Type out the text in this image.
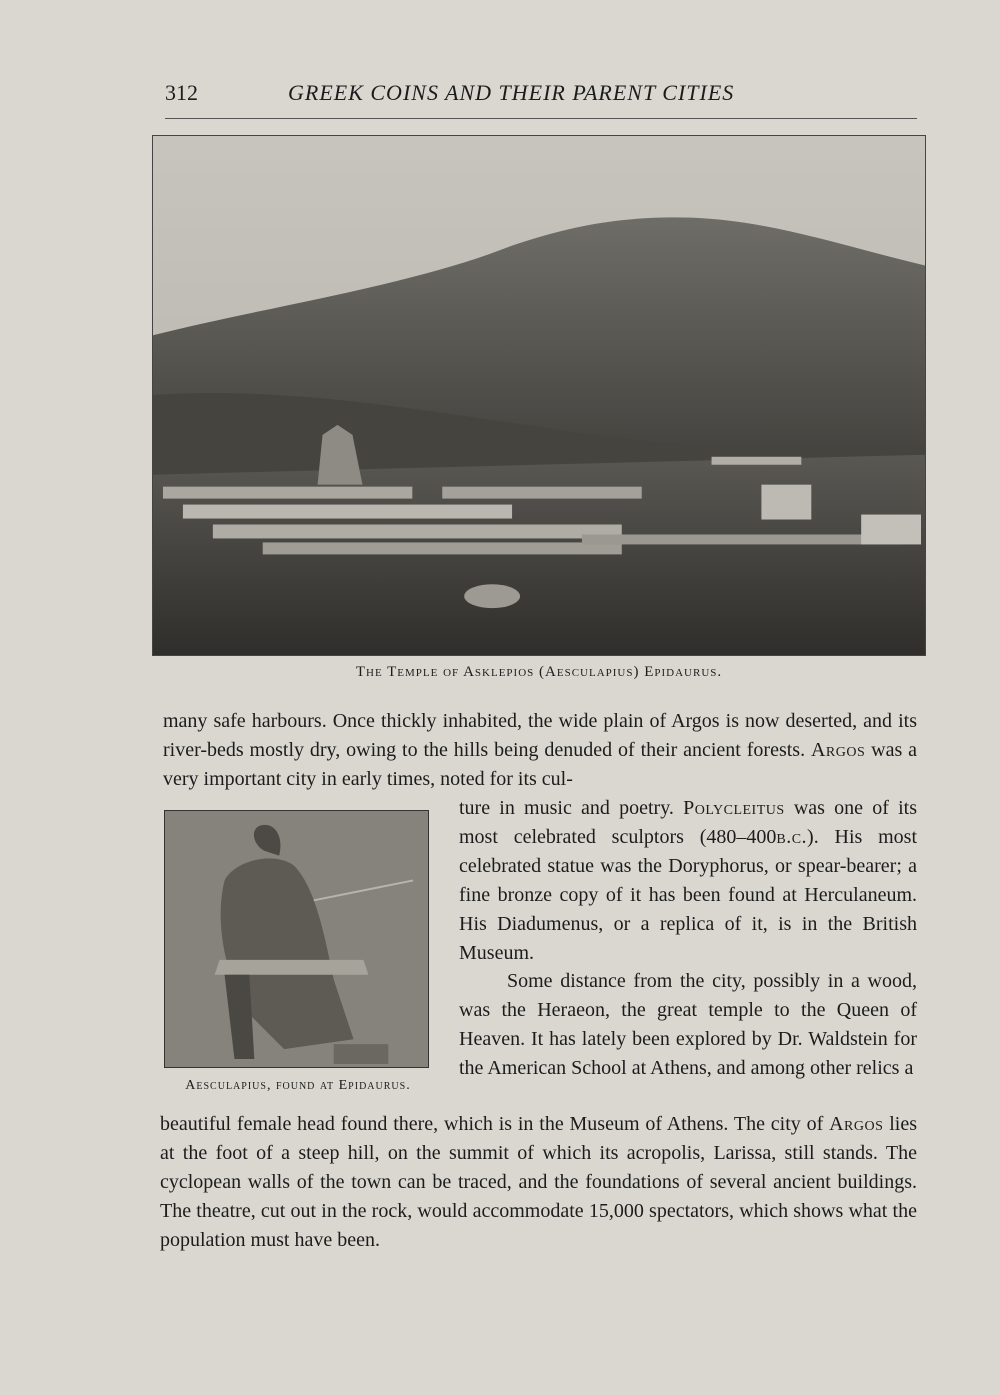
312	GREEK COINS AND THEIR PARENT CITIES
The Temple of Asklepios (Aesculapius) Epidaurus.

many safe harbours. Once thickly inhabited, the wide plain of Argos is now deserted, and its river-beds mostly dry, owing to the hills being denuded of their ancient forests. Argos was a very important city in early times, noted for its cul-

Aesculapius, found at Epidaurus.

ture in music and poetry. Polycleitus was one of its most celebrated sculptors (480–400b.c.). His most celebrated statue was the Doryphorus, or spear-bearer; a fine bronze copy of it has been found at Herculaneum. His Diadumenus, or a replica of it, is in the British Museum.

Some distance from the city, possibly in a wood, was the Heraeon, the great temple to the Queen of Heaven. It has lately been explored by Dr. Waldstein for the American School at Athens, and among other relics a

beautiful female head found there, which is in the Museum of Athens. The city of Argos lies at the foot of a steep hill, on the summit of which its acropolis, Larissa, still stands. The cyclopean walls of the town can be traced, and the foundations of several ancient buildings. The theatre, cut out in the rock, would accommodate 15,000 spectators, which shows what the population must have been.
